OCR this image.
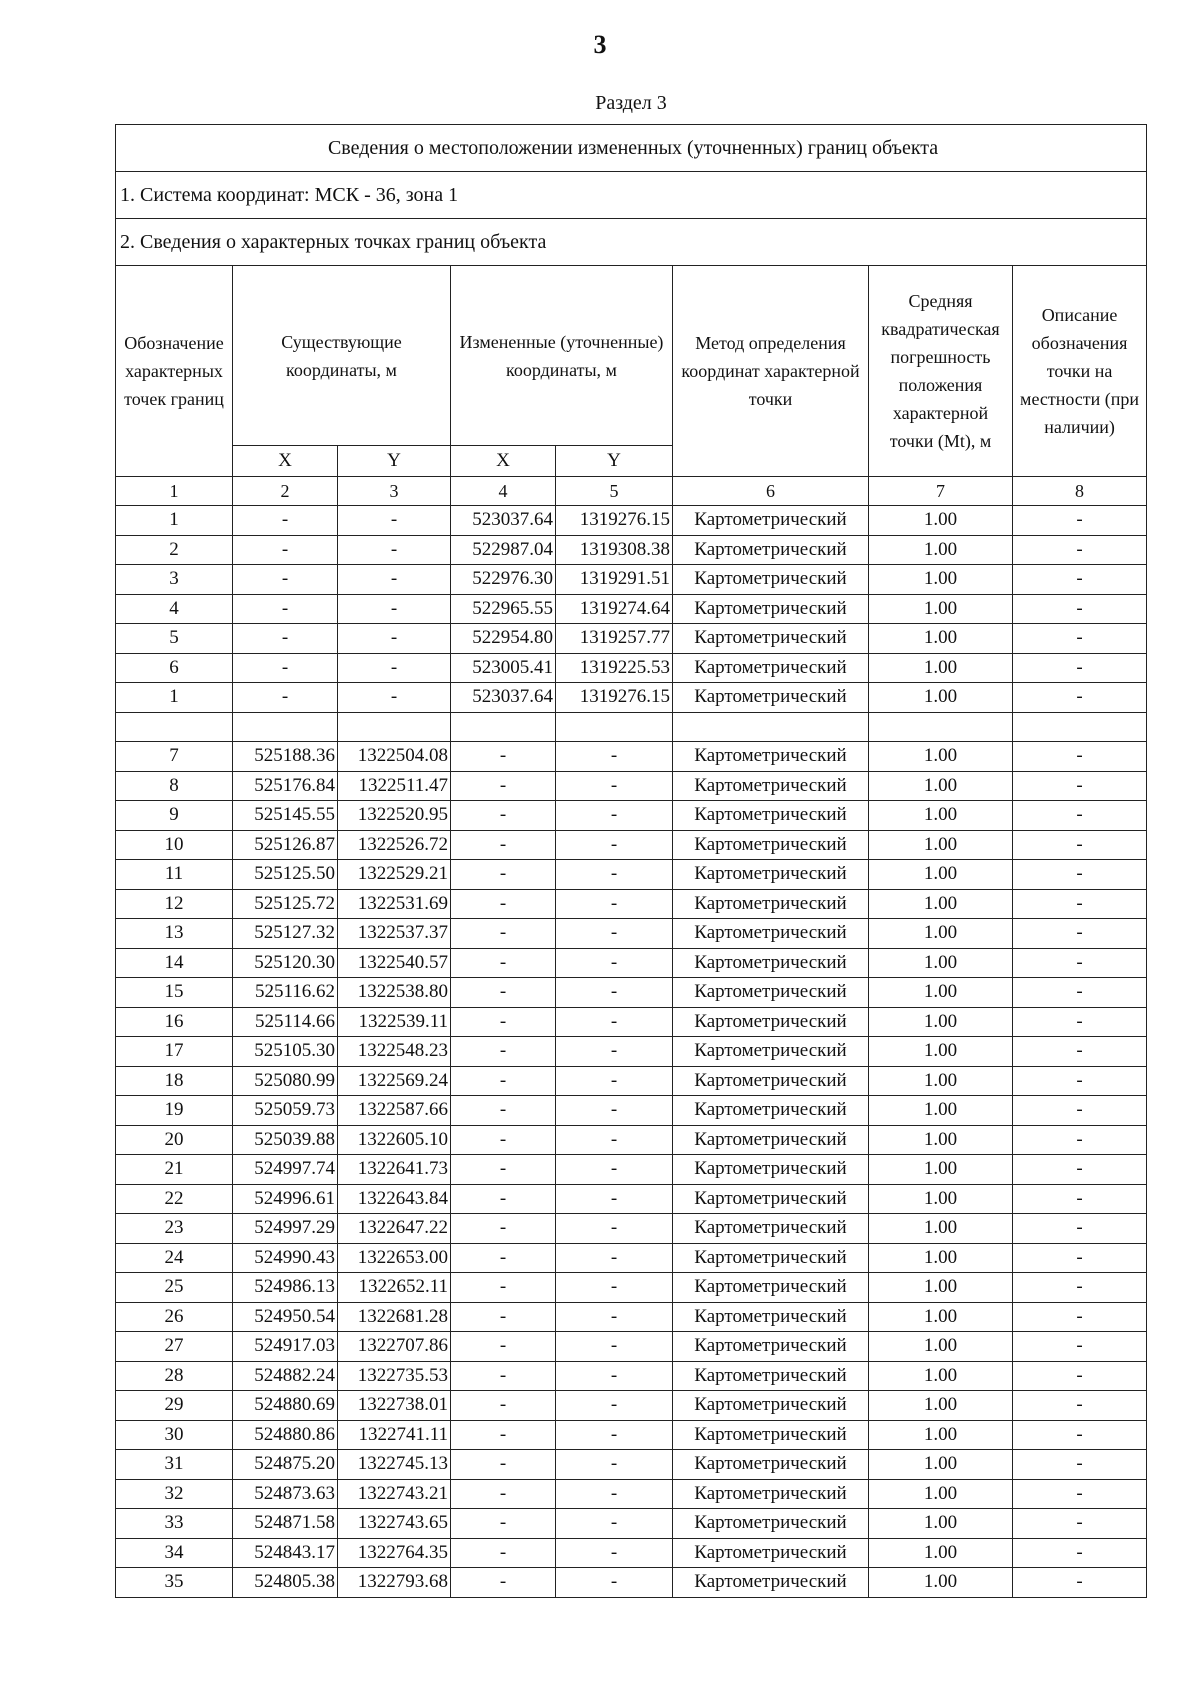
3
Раздел 3
Сведения о местоположении измененных (уточненных) границ объекта							
1. Система координат: МСК - 36, зона 1							
2. Сведения о характерных точках границ объекта							
Обозначение характерных точек границ	Существующие координаты, м		Измененные (уточненные) координаты, м		Метод определения координат характерной точки	Средняя квадратическая погрешность положения характерной точки (Mt), м	Описание обозначения точки на местности (при наличии)
	X	Y	X	Y			
1	2	3	4	5	6	7	8
1	-	-	523037.64	1319276.15	Картометрический	1.00	-
2	-	-	522987.04	1319308.38	Картометрический	1.00	-
3	-	-	522976.30	1319291.51	Картометрический	1.00	-
4	-	-	522965.55	1319274.64	Картометрический	1.00	-
5	-	-	522954.80	1319257.77	Картометрический	1.00	-
6	-	-	523005.41	1319225.53	Картометрический	1.00	-
1	-	-	523037.64	1319276.15	Картометрический	1.00	-

7	525188.36	1322504.08	-	-	Картометрический	1.00	-
8	525176.84	1322511.47	-	-	Картометрический	1.00	-
9	525145.55	1322520.95	-	-	Картометрический	1.00	-
10	525126.87	1322526.72	-	-	Картометрический	1.00	-
11	525125.50	1322529.21	-	-	Картометрический	1.00	-
12	525125.72	1322531.69	-	-	Картометрический	1.00	-
13	525127.32	1322537.37	-	-	Картометрический	1.00	-
14	525120.30	1322540.57	-	-	Картометрический	1.00	-
15	525116.62	1322538.80	-	-	Картометрический	1.00	-
16	525114.66	1322539.11	-	-	Картометрический	1.00	-
17	525105.30	1322548.23	-	-	Картометрический	1.00	-
18	525080.99	1322569.24	-	-	Картометрический	1.00	-
19	525059.73	1322587.66	-	-	Картометрический	1.00	-
20	525039.88	1322605.10	-	-	Картометрический	1.00	-
21	524997.74	1322641.73	-	-	Картометрический	1.00	-
22	524996.61	1322643.84	-	-	Картометрический	1.00	-
23	524997.29	1322647.22	-	-	Картометрический	1.00	-
24	524990.43	1322653.00	-	-	Картометрический	1.00	-
25	524986.13	1322652.11	-	-	Картометрический	1.00	-
26	524950.54	1322681.28	-	-	Картометрический	1.00	-
27	524917.03	1322707.86	-	-	Картометрический	1.00	-
28	524882.24	1322735.53	-	-	Картометрический	1.00	-
29	524880.69	1322738.01	-	-	Картометрический	1.00	-
30	524880.86	1322741.11	-	-	Картометрический	1.00	-
31	524875.20	1322745.13	-	-	Картометрический	1.00	-
32	524873.63	1322743.21	-	-	Картометрический	1.00	-
33	524871.58	1322743.65	-	-	Картометрический	1.00	-
34	524843.17	1322764.35	-	-	Картометрический	1.00	-
35	524805.38	1322793.68	-	-	Картометрический	1.00	-
